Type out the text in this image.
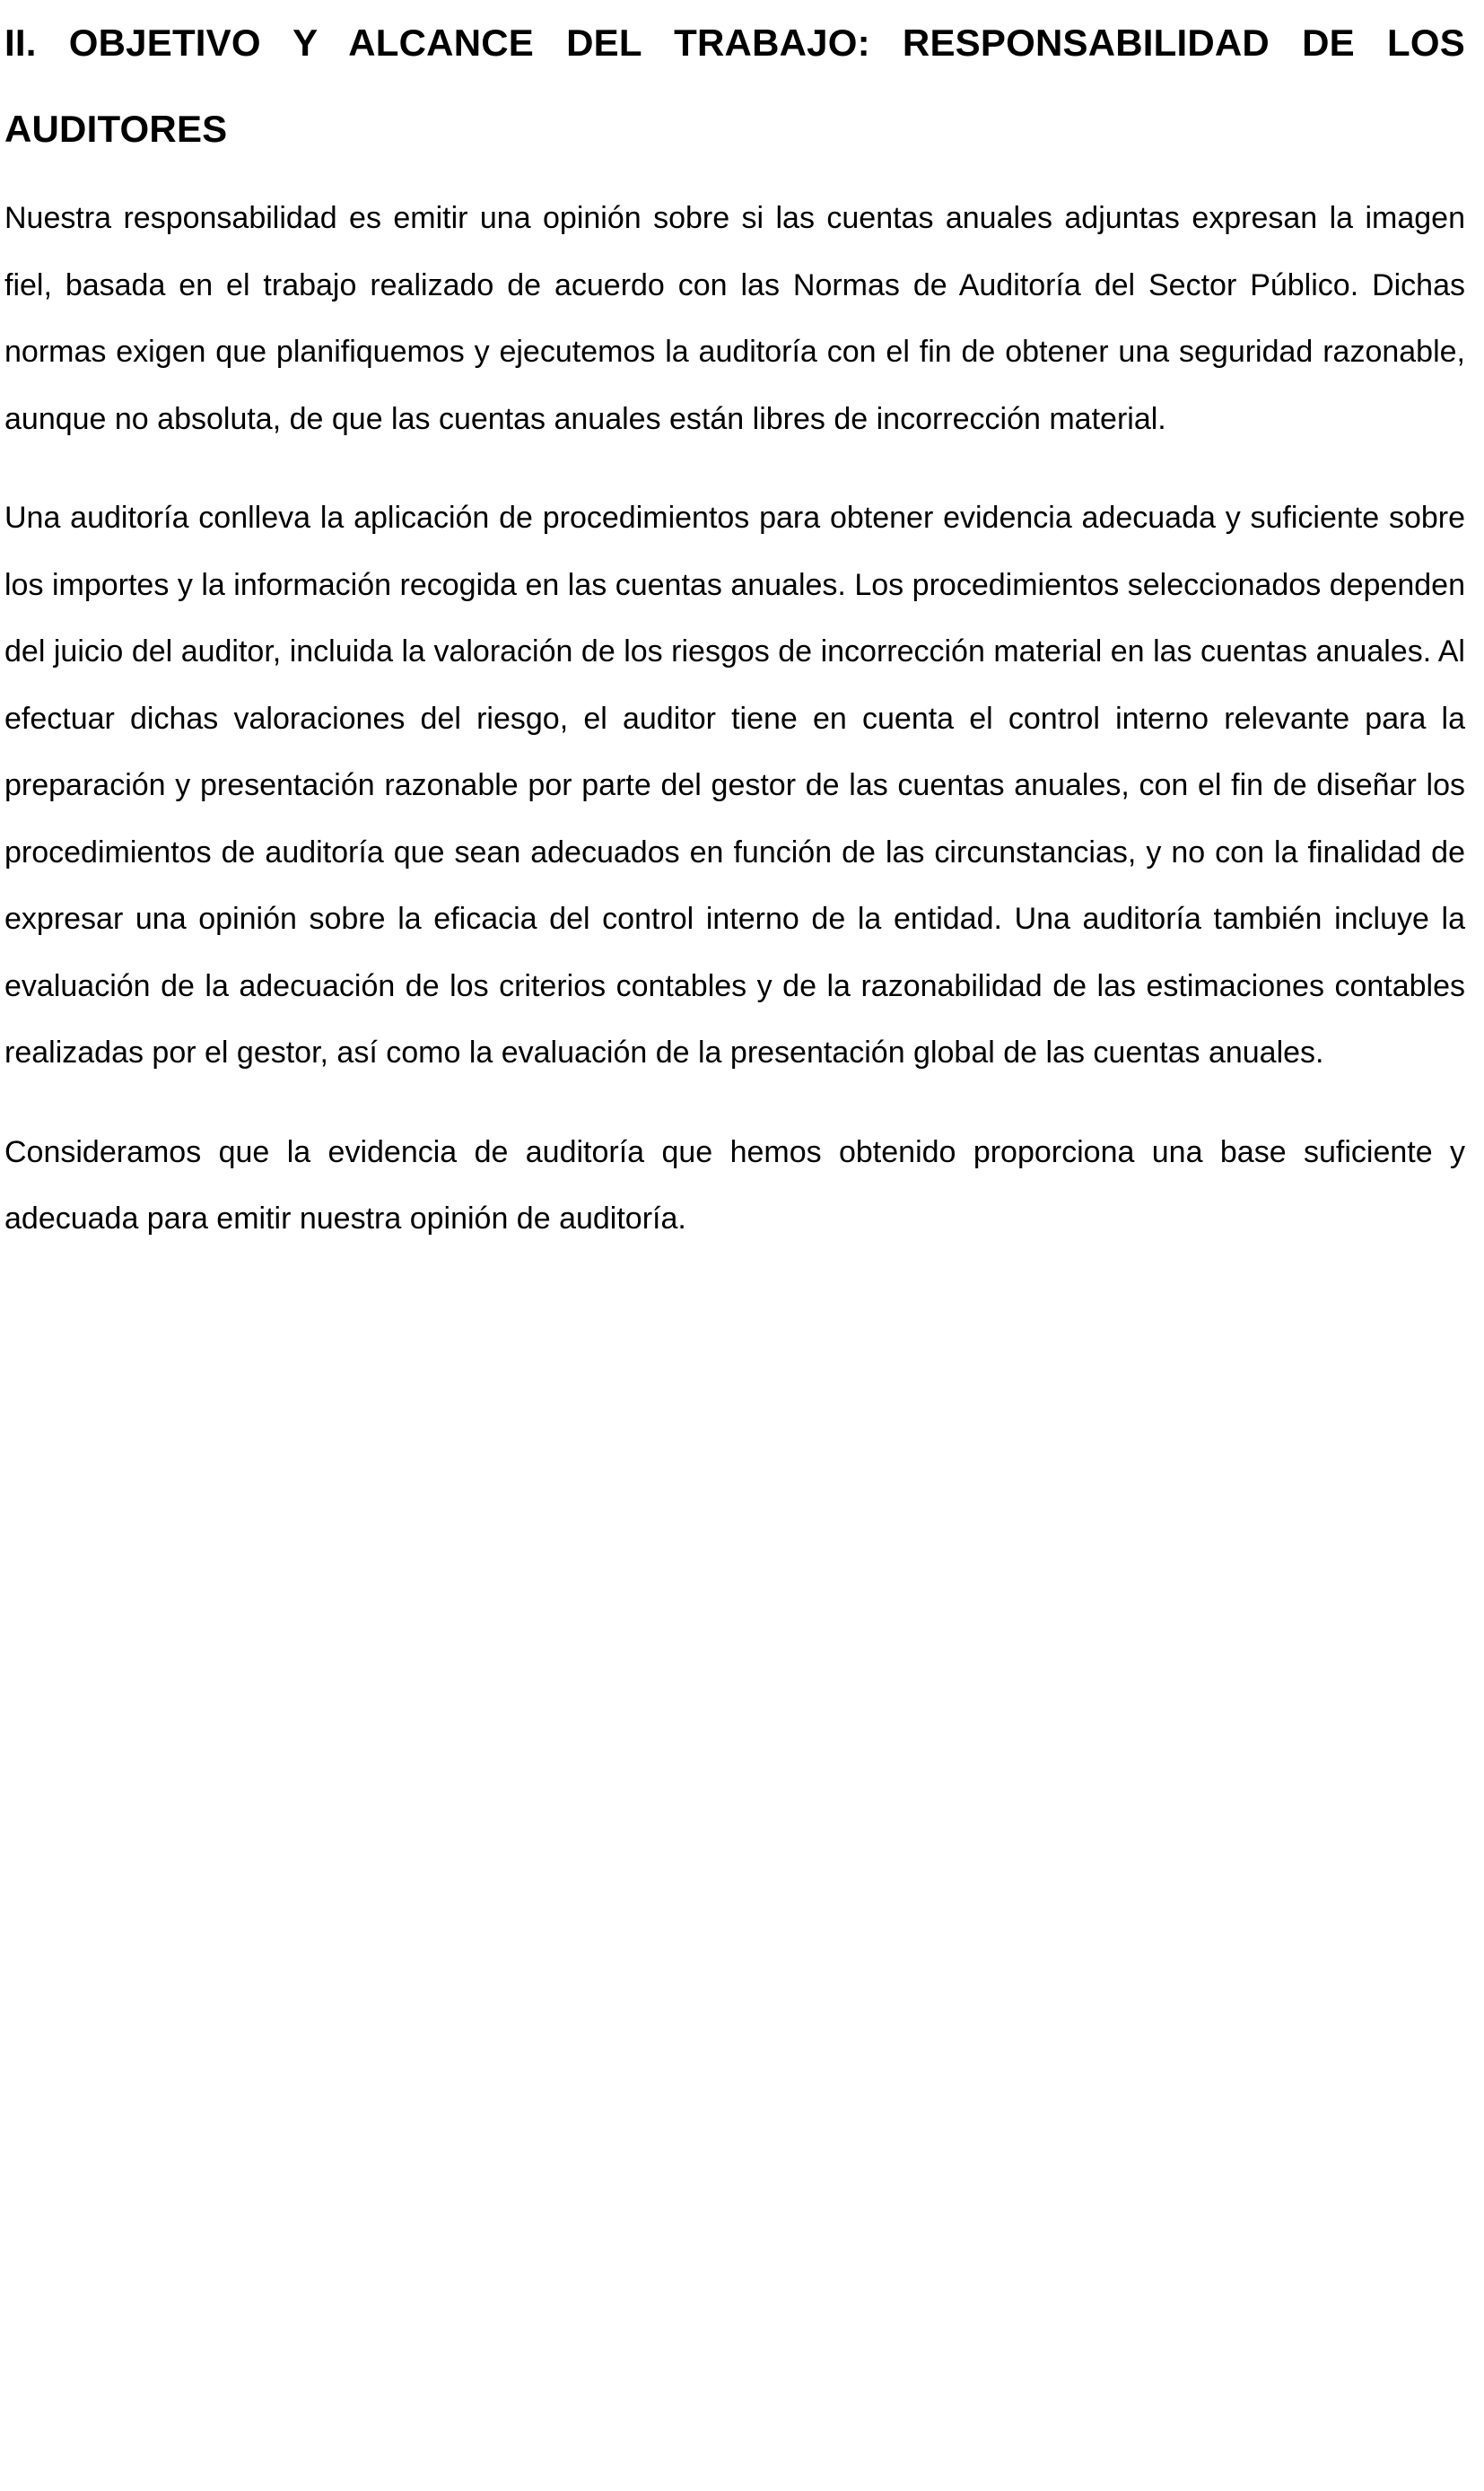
II. OBJETIVO Y ALCANCE DEL TRABAJO: RESPONSABILIDAD DE LOS AUDITORES

Nuestra responsabilidad es emitir una opinión sobre si las cuentas anuales adjuntas expresan la imagen fiel, basada en el trabajo realizado de acuerdo con las Normas de Auditoría del Sector Público. Dichas normas exigen que planifiquemos y ejecutemos la auditoría con el fin de obtener una seguridad razonable, aunque no absoluta, de que las cuentas anuales están libres de incorrección material.

Una auditoría conlleva la aplicación de procedimientos para obtener evidencia adecuada y suficiente sobre los importes y la información recogida en las cuentas anuales. Los procedimientos seleccionados dependen del juicio del auditor, incluida la valoración de los riesgos de incorrección material en las cuentas anuales. Al efectuar dichas valoraciones del riesgo, el auditor tiene en cuenta el control interno relevante para la preparación y presentación razonable por parte del gestor de las cuentas anuales, con el fin de diseñar los procedimientos de auditoría que sean adecuados en función de las circunstancias, y no con la finalidad de expresar una opinión sobre la eficacia del control interno de la entidad. Una auditoría también incluye la evaluación de la adecuación de los criterios contables y de la razonabilidad de las estimaciones contables realizadas por el gestor, así como la evaluación de la presentación global de las cuentas anuales.

Consideramos que la evidencia de auditoría que hemos obtenido proporciona una base suficiente y adecuada para emitir nuestra opinión de auditoría.
